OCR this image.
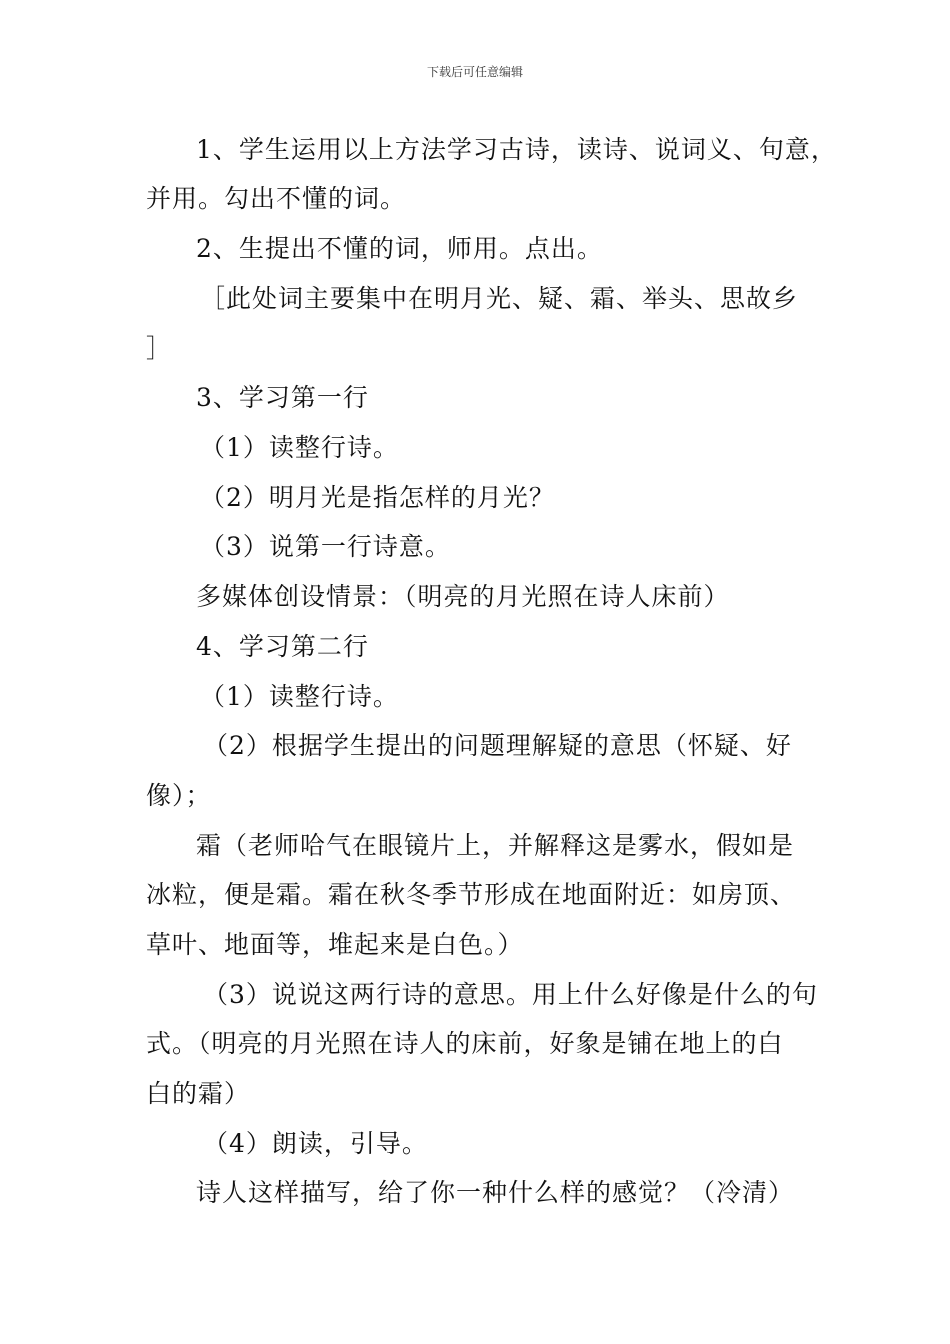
下载后可任意编辑
1、学生运用以上方法学习古诗，读诗、说词义、句意，
并用。勾出不懂的词。
2、生提出不懂的词，师用。点出。
［此处词主要集中在明月光、疑、霜、举头、思故乡
］
3、学习第一行
（1）读整行诗。
（2）明月光是指怎样的月光？
（3）说第一行诗意。
多媒体创设情景：（明亮的月光照在诗人床前）
4、学习第二行
（1）读整行诗。
（2）根据学生提出的问题理解疑的意思（怀疑、好
像）；
霜（老师哈气在眼镜片上，并解释这是雾水，假如是
冰粒，便是霜。霜在秋冬季节形成在地面附近：如房顶、
草叶、地面等，堆起来是白色。）
（3）说说这两行诗的意思。用上什么好像是什么的句
式。（明亮的月光照在诗人的床前，好象是铺在地上的白
白的霜）
（4）朗读，引导。
诗人这样描写，给了你一种什么样的感觉？（冷清）
